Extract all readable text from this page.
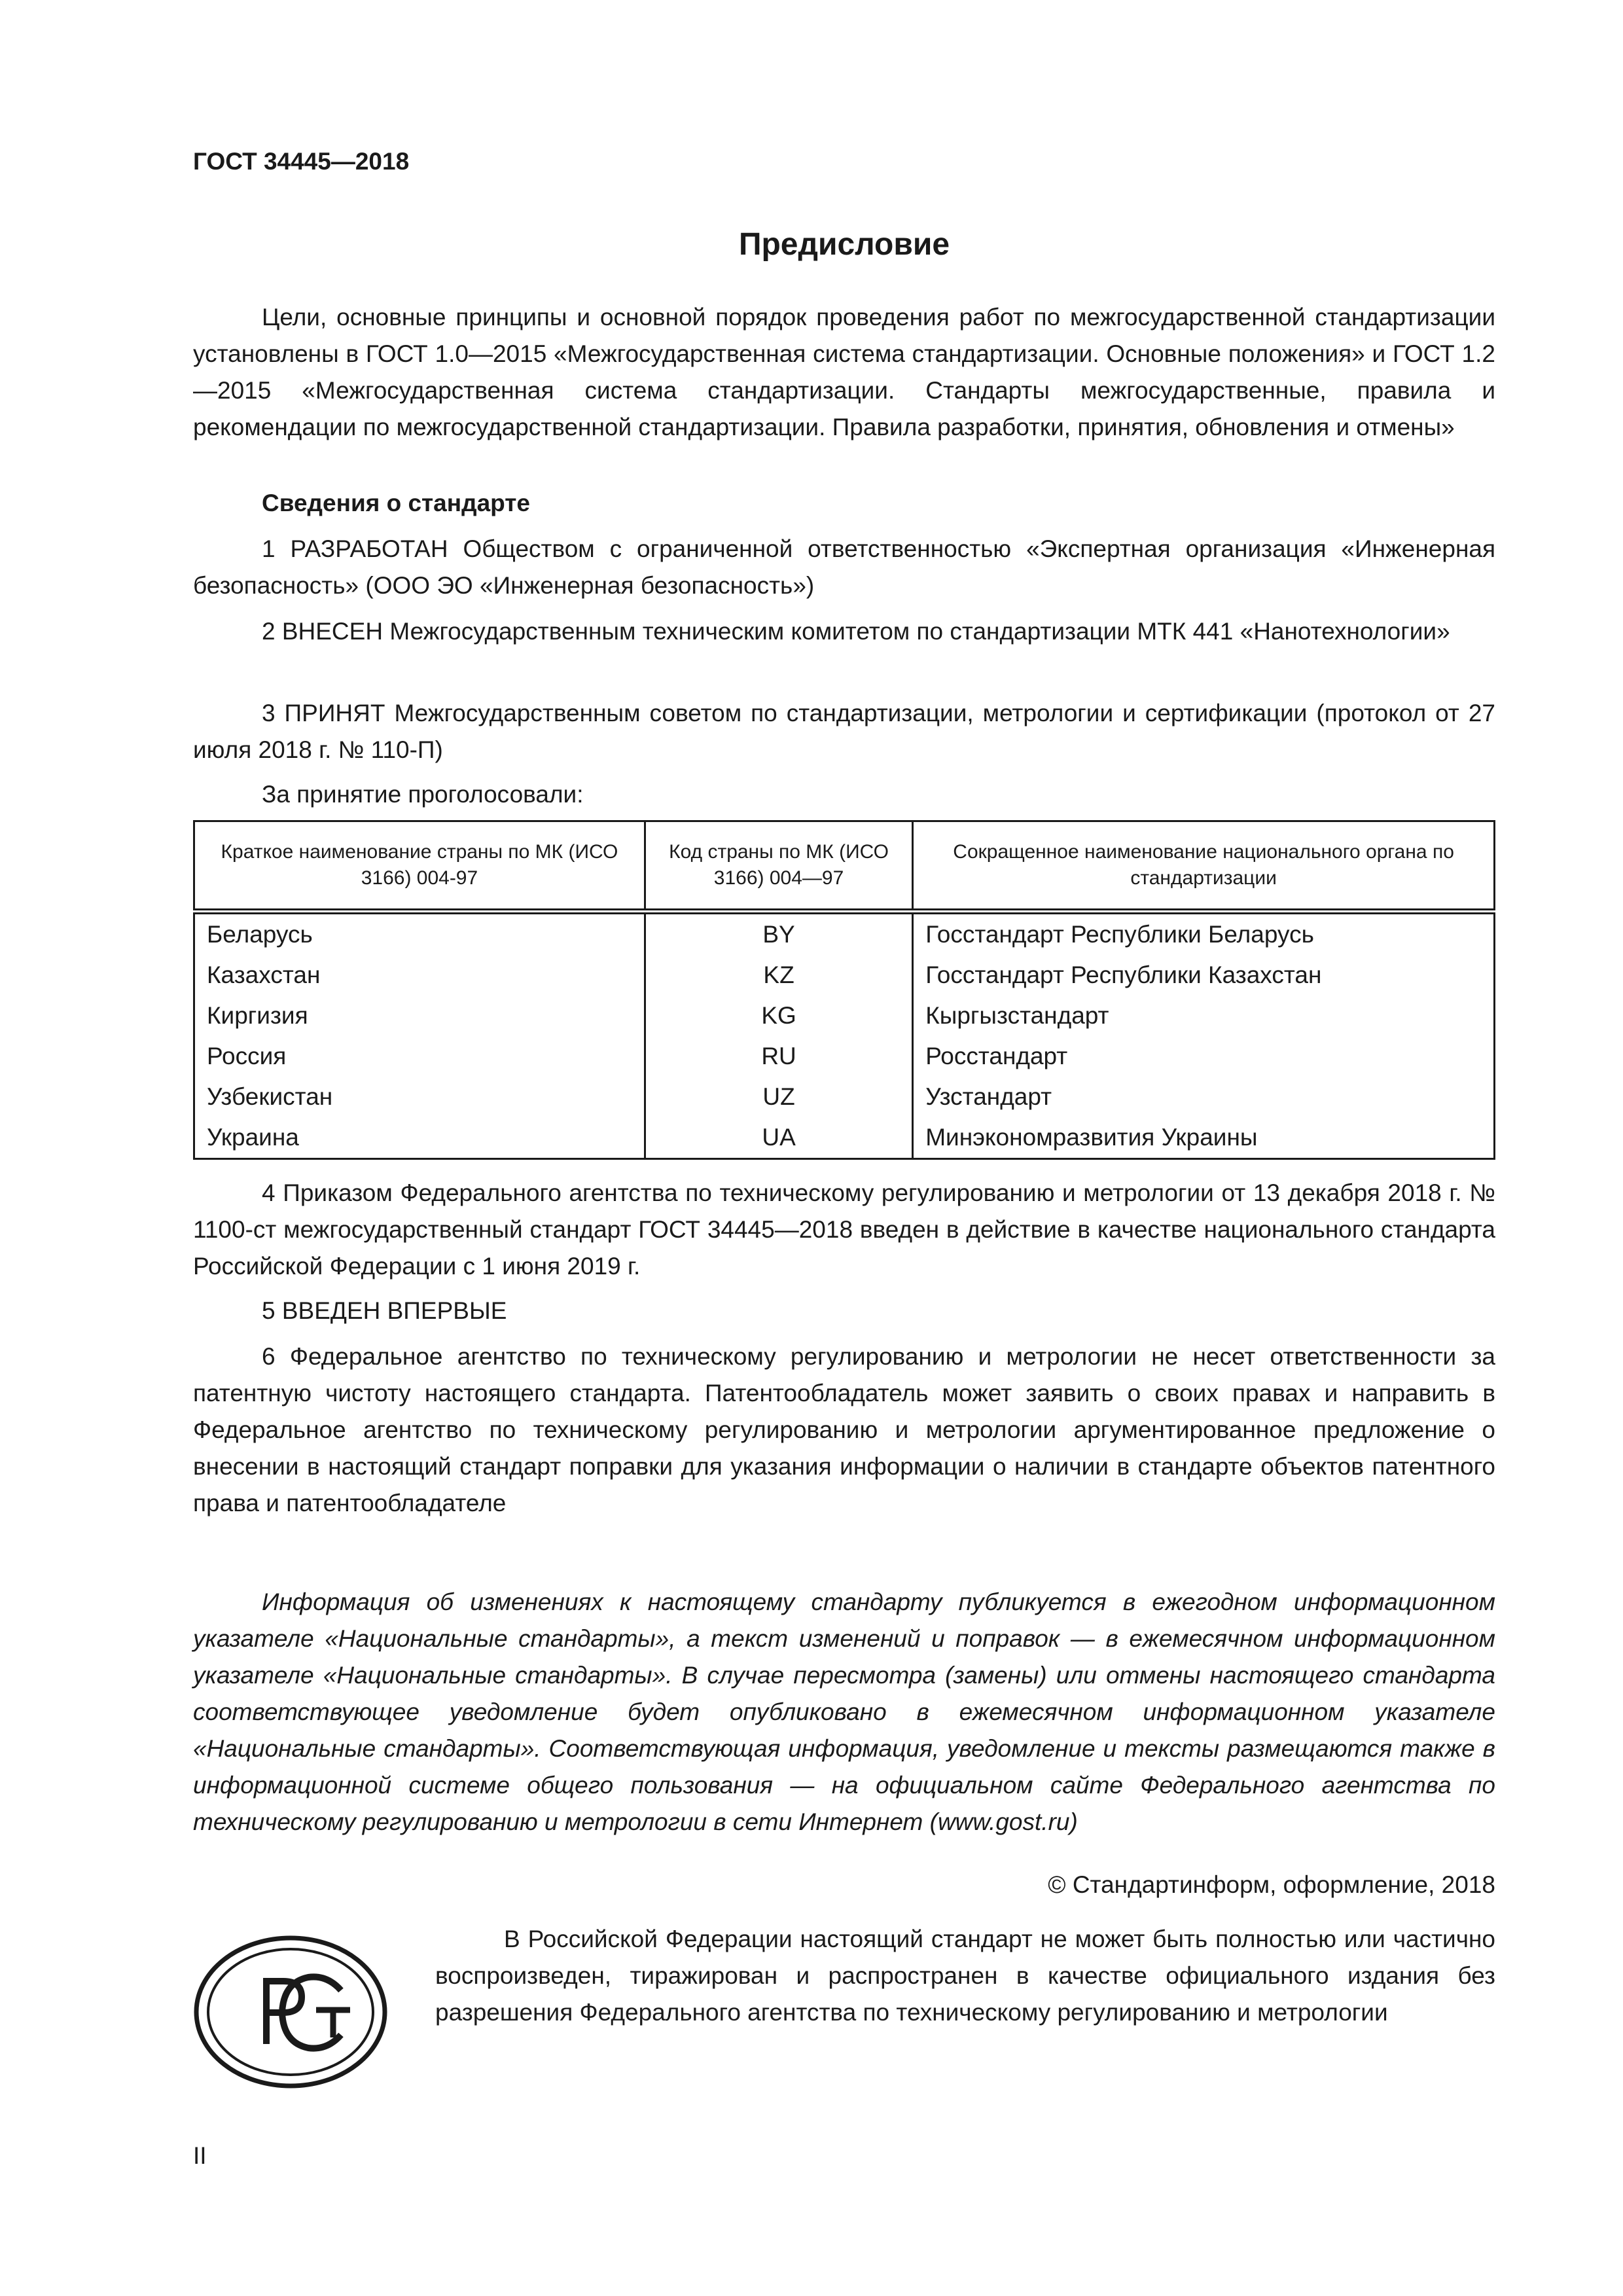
ГОСТ 34445—2018
Предисловие

Цели, основные принципы и основной порядок проведения работ по межгосударственной стандартизации установлены в ГОСТ 1.0—2015 «Межгосударственная система стандартизации. Основные положения» и ГОСТ 1.2—2015 «Межгосударственная система стандартизации. Стандарты межгосударственные, правила и рекомендации по межгосударственной стандартизации. Правила разработки, принятия, обновления и отмены»

Сведения о стандарте

1 РАЗРАБОТАН Обществом с ограниченной ответственностью «Экспертная организация «Инженерная безопасность» (ООО ЭО «Инженерная безопасность»)

2 ВНЕСЕН Межгосударственным техническим комитетом по стандартизации МТК 441 «Нанотехнологии»

3 ПРИНЯТ Межгосударственным советом по стандартизации, метрологии и сертификации (протокол от 27 июля 2018 г. № 110-П)

За принятие проголосовали:

Краткое наименование страны по МК (ИСО 3166) 004-97	Код страны по МК (ИСО 3166) 004—97	Сокращенное наименование национального органа по стандартизации
Беларусь	BY	Госстандарт Республики Беларусь
Казахстан	KZ	Госстандарт Республики Казахстан
Киргизия	KG	Кыргызстандарт
Россия	RU	Росстандарт
Узбекистан	UZ	Узстандарт
Украина	UA	Минэкономразвития Украины

4 Приказом Федерального агентства по техническому регулированию и метрологии от 13 декабря 2018 г. № 1100-ст межгосударственный стандарт ГОСТ 34445—2018 введен в действие в качестве национального стандарта Российской Федерации с 1 июня 2019 г.

5 ВВЕДЕН ВПЕРВЫЕ

6 Федеральное агентство по техническому регулированию и метрологии не несет ответственности за патентную чистоту настоящего стандарта. Патентообладатель может заявить о своих правах и направить в Федеральное агентство по техническому регулированию и метрологии аргументированное предложение о внесении в настоящий стандарт поправки для указания информации о наличии в стандарте объектов патентного права и патентообладателе

Информация об изменениях к настоящему стандарту публикуется в ежегодном информационном указателе «Национальные стандарты», а текст изменений и поправок — в ежемесячном информационном указателе «Национальные стандарты». В случае пересмотра (замены) или отмены настоящего стандарта соответствующее уведомление будет опубликовано в ежемесячном информационном указателе «Национальные стандарты». Соответствующая информация, уведомление и тексты размещаются также в информационной системе общего пользования — на официальном сайте Федерального агентства по техническому регулированию и метрологии в сети Интернет (www.gost.ru)

© Стандартинформ, оформление, 2018

В Российской Федерации настоящий стандарт не может быть полностью или частично воспроизведен, тиражирован и распространен в качестве официального издания без разрешения Федерального агентства по техническому регулированию и метрологии

II
